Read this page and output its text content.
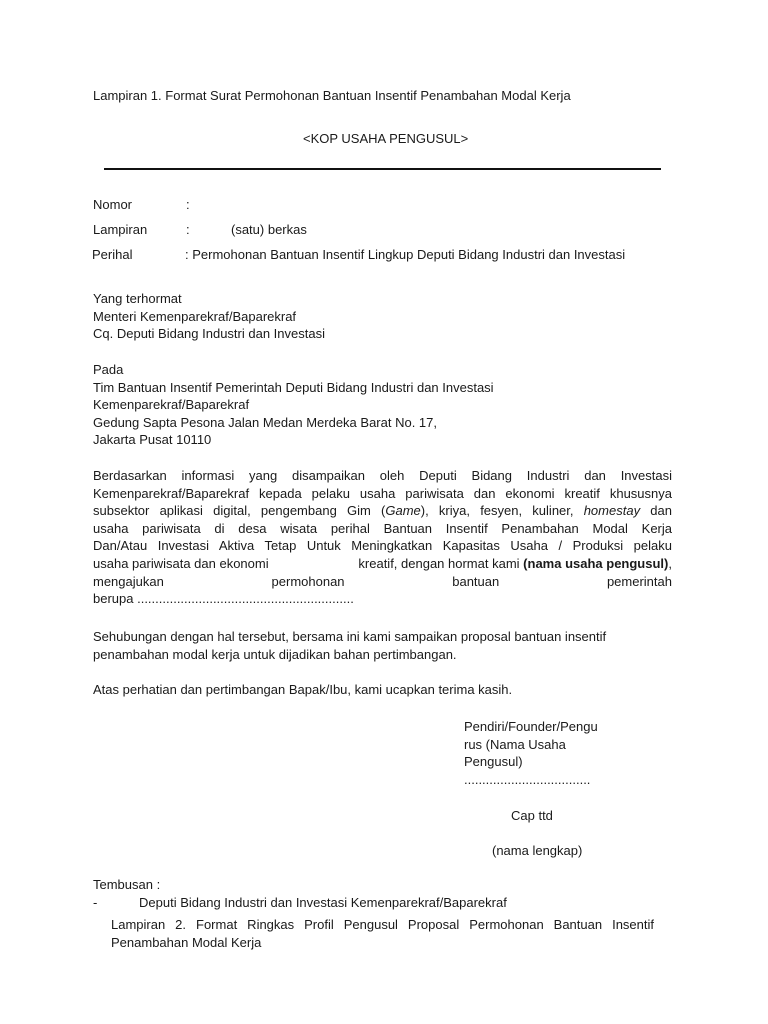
Lampiran 1. Format Surat Permohonan Bantuan Insentif Penambahan Modal Kerja
<KOP USAHA PENGUSUL>
Nomor	:
Lampiran	:	(satu) berkas
Perihal	: Permohonan Bantuan Insentif Lingkup Deputi Bidang Industri dan Investasi
Yang terhormat
Menteri Kemenparekraf/Baparekraf
Cq. Deputi Bidang Industri dan Investasi
Pada
Tim Bantuan Insentif Pemerintah Deputi Bidang Industri dan Investasi
Kemenparekraf/Baparekraf
Gedung Sapta Pesona Jalan Medan Merdeka Barat No. 17,
Jakarta Pusat 10110
Berdasarkan informasi yang disampaikan oleh Deputi Bidang Industri dan Investasi
Kemenparekraf/Baparekraf kepada pelaku usaha pariwisata dan ekonomi kreatif khususnya
subsektor aplikasi digital, pengembang Gim (Game), kriya, fesyen, kuliner, homestay dan
usaha pariwisata di desa wisata perihal Bantuan Insentif Penambahan Modal Kerja
Dan/Atau Investasi Aktiva Tetap Untuk Meningkatkan Kapasitas Usaha / Produksi pelaku
usaha pariwisata dan ekonomi	kreatif, dengan hormat kami (nama usaha pengusul),
mengajukan	permohonan	bantuan	pemerintah
berupa ............................................................
Sehubungan dengan hal tersebut, bersama ini kami sampaikan proposal bantuan insentif
penambahan modal kerja untuk dijadikan bahan pertimbangan.
Atas perhatian dan pertimbangan Bapak/Ibu, kami ucapkan terima kasih.
Pendiri/Founder/Pengu
rus (Nama Usaha
Pengusul)
...................................
Cap ttd
(nama lengkap)
Tembusan :
-	Deputi Bidang Industri dan Investasi Kemenparekraf/Baparekraf
Lampiran 2. Format Ringkas Profil Pengusul Proposal Permohonan Bantuan Insentif
Penambahan Modal Kerja
